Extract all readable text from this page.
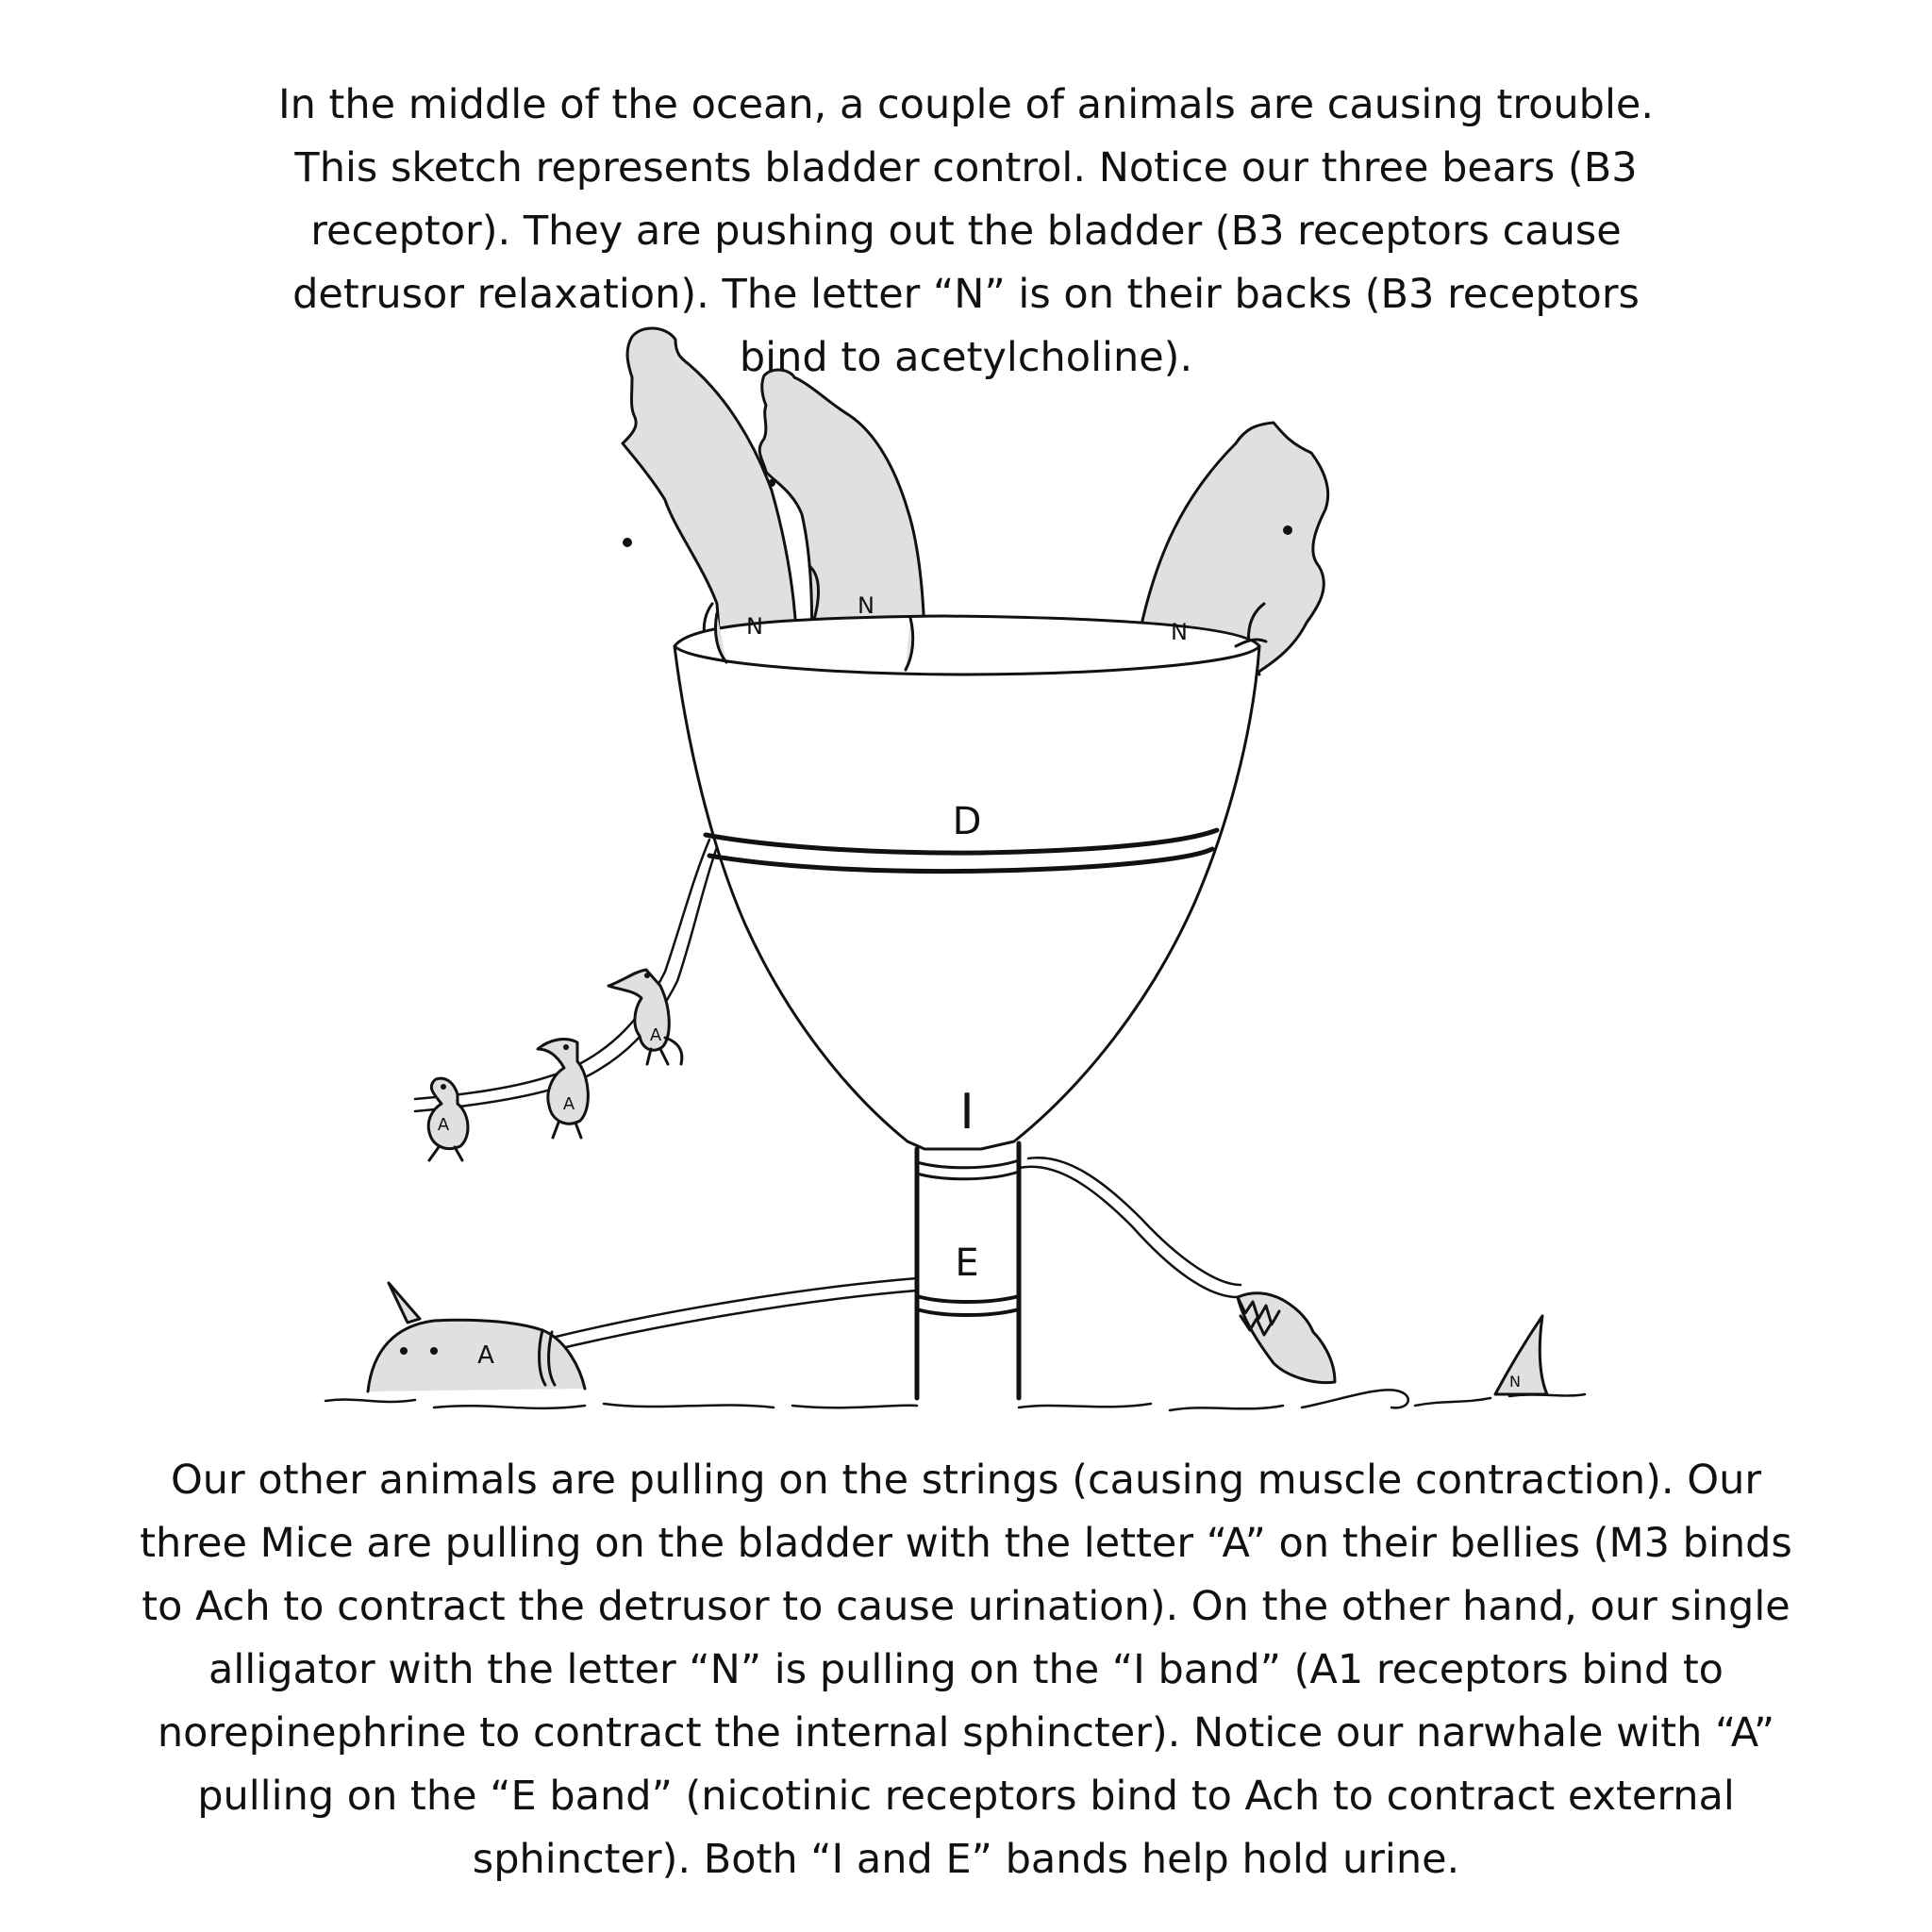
In the middle of the ocean, a couple of animals are causing trouble.
This sketch represents bladder control. Notice our three bears (B3
receptor). They are pushing out the bladder (B3 receptors cause
detrusor relaxation). The letter “N” is on their backs (B3 receptors
bind to acetylcholine).
N
N
N
D
I
E
A
A
A
A
N
Our other animals are pulling on the strings (causing muscle contraction). Our
three Mice are pulling on the bladder with the letter “A” on their bellies (M3 binds
to Ach to contract the detrusor to cause urination). On the other hand, our single
alligator with the letter “N” is pulling on the “I band” (A1 receptors bind to
norepinephrine to contract the internal sphincter). Notice our narwhale with “A”
pulling on the “E band” (nicotinic receptors bind to Ach to contract external
sphincter). Both “I and E” bands help hold urine.
